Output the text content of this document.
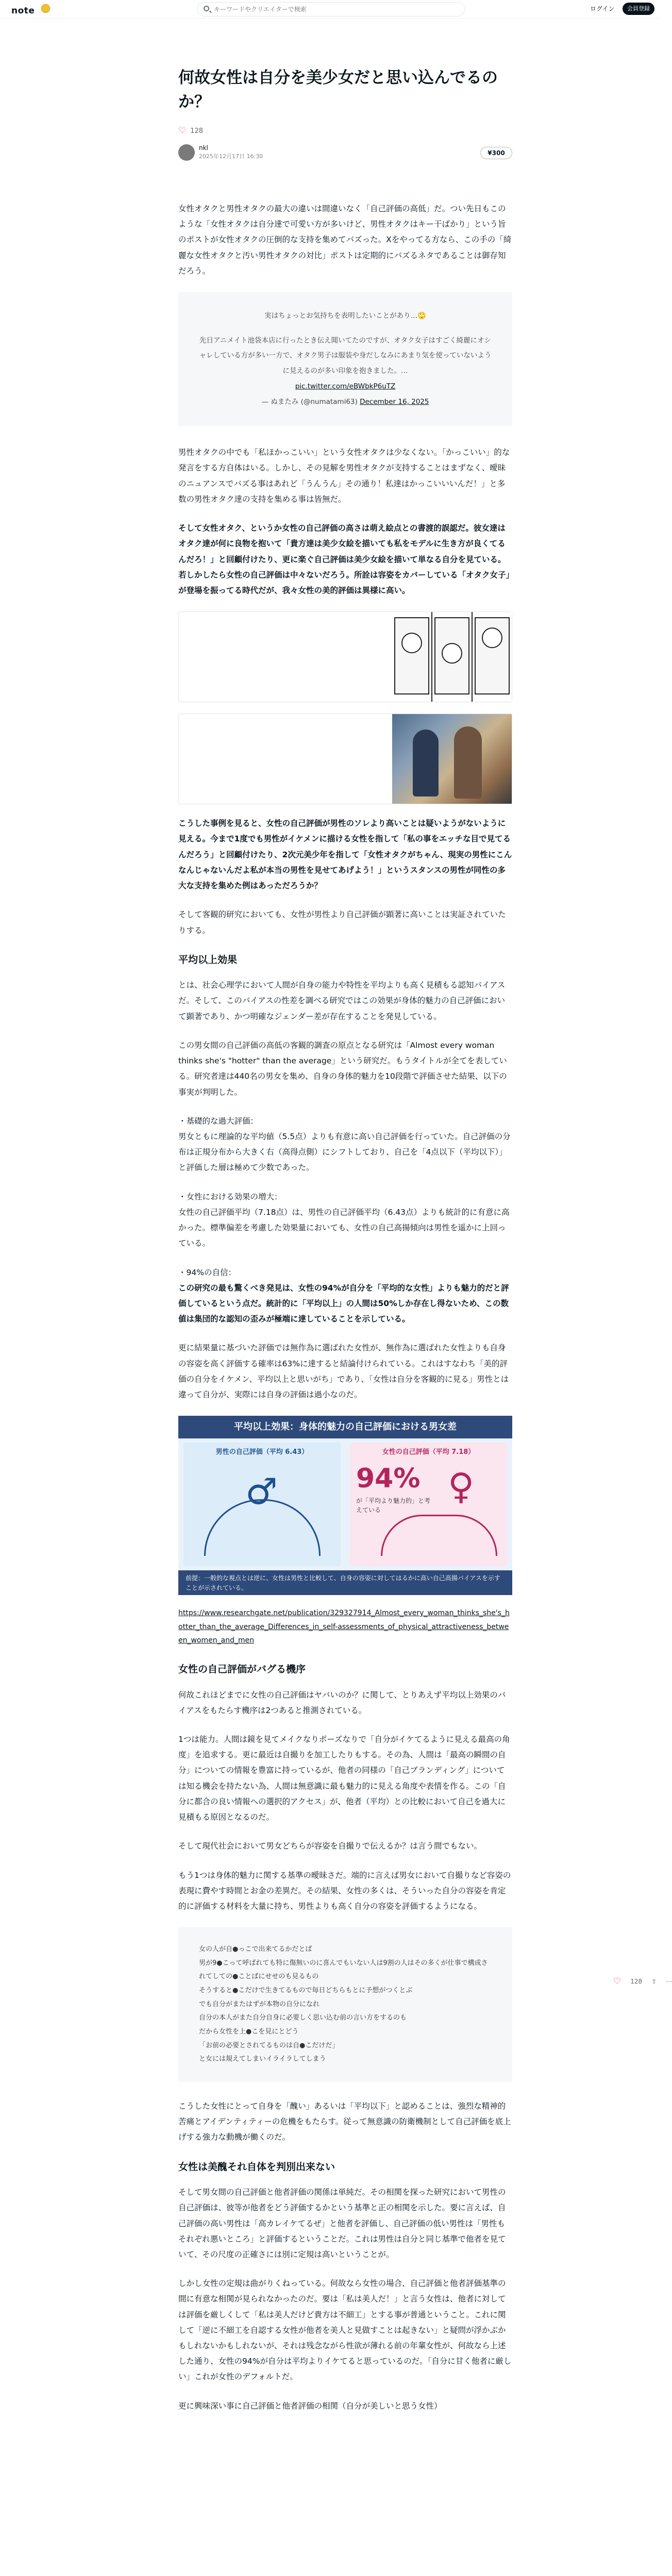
note
キーワードやクリエイターで検索	ログイン	会員登録
何故女性は自分を美少女だと思い込んでるのか？
♡ 128
nkl
2025年12月17日 16:30	¥300

女性オタクと男性オタクの最大の違いは間違いなく「自己評価の高低」だ。つい先日もこのような「女性オタクは自分達で可愛い方が多いけど、男性オタクはキー干ばかり」という旨のポストが女性オタクの圧倒的な支持を集めてバズった。Xをやってる方なら、この手の「綺麗な女性オタクと汚い男性オタクの対比」ポストは定期的にバズるネタであることは御存知だろう。

実はちょっとお気持ちを表明したいことがあり…🙄
先日アニメイト池袋本店に行ったとき伝え聞いてたのですが、オタク女子はすごく綺麗にオシャレしている方が多い一方で、オタク男子は服装や身だしなみにあまり気を使っていないように見えるのが多い印象を抱きました。…
pic.twitter.com/eBWbkP6uTZ
— ぬまたみ (@numatami63) December 16, 2025

男性オタクの中でも「私ほかっこいい」という女性オタクは少なくない。「かっこいい」的な発言をする方自体はいる。しかし、その見解を男性オタクが支持することはまずなく、曖昧のニュアンスでバズる事はあれど「うんうん」その通り！私達はかっこいいいんだ！」と多数の男性オタク達の支持を集める事は皆無だ。

そして女性オタク、というか女性の自己評価の高さは萌え絵点との書渡的誤認だ。彼女達はオタク達が何に良物を抱いて「貴方達は美少女絵を描いても私をモデルに生き方が良くてるんだろ！」と回顧付けたり、更に楽ぐ自己評価は美少女絵を描いて単なる自分を見ている。若しかしたら女性の自己評価は中々ないだろう。所詮は容姿をカバーしている「オタク女子」が登場を振ってる時代だが、我々女性の美的評価は異様に高い。

こうした事例を見ると、女性の自己評価が男性のソレより高いことは疑いようがないように見える。今まで1度でも男性がイケメンに描ける女性を指して「私の事をエッチな目で見てるんだろう」と回顧付けたり、2次元美少年を指して「女性オタクがちゃん、現実の男性にこんなんじゃないんだよ私が本当の男性を見せてあげよう！」というスタンスの男性が同性の多大な支持を集めた例はあっただろうか？

そして客観的研究においても、女性が男性より自己評価が顕著に高いことは実証されていたりする。

平均以上効果

とは、社会心理学において人間が自身の能力や特性を平均よりも高く見積もる認知バイアスだ。そして、このバイアスの性差を調べる研究ではこの効果が身体的魅力の自己評価において顕著であり、かつ明確なジェンダー差が存在することを発見している。

この男女間の自己評価の高低の客観的調査の原点となる研究は「Almost every woman thinks she's "hotter" than the average」という研究だ。もうタイトルが全てを表している。研究者達は440名の男女を集め、自身の身体的魅力を10段階で評価させた結果、以下の事実が判明した。

・基礎的な過大評価：
男女ともに理論的な平均値（5.5点）よりも有意に高い自己評価を行っていた。自己評価の分布は正規分布から大きく右（高得点側）にシフトしており、自己を「4点以下（平均以下）」と評価した層は極めて少数であった。
・女性における効果の増大：
女性の自己評価平均（7.18点）は、男性の自己評価平均（6.43点）よりも統計的に有意に高かった。標準偏差を考慮した効果量においても、女性の自己高揚傾向は男性を遥かに上回っている。
・94%の自信：
この研究の最も驚くべき発見は、女性の94%が自分を「平均的な女性」よりも魅力的だと評価しているという点だ。統計的に「平均以上」の人間は50%しか存在し得ないため、この数値は集団的な認知の歪みが極端に達していることを示している。

更に結果量に基づいた評価では無作為に選ばれた女性が、無作為に選ばれた女性よりも自身の容姿を高く評価する確率は63%に達すると結論付けられている。これはすなわち「美的評価の自分をイケメン、平均以上と思いがち」であり、「女性は自分を客観的に見る」男性とは違って自分が、実際には自身の評価は過小なのだ。

平均以上効果：身体的魅力の自己評価における男女差
男性の自己評価（平均 6.43）
♂
女性の自己評価（平均 7.18）
94%
が「平均より魅力的」と考えている
♀
前提：一般的な視点とは逆に、女性は男性と比較して、自身の容姿に対してはるかに高い自己高揚バイアスを示すことが示されている。

https://www.researchgate.net/publication/329327914_Almost_every_woman_thinks_she's_hotter_than_the_average_Differences_in_self-assessments_of_physical_attractiveness_between_women_and_men

女性の自己評価がバグる機序

何故これほどまでに女性の自己評価はヤバいのか？に関して、とりあえず平均以上効果のバイアスをもたらす機序は2つあると推測されている。

1つは能力。人間は鏡を見てメイクなりポーズなりで「自分がイケてるように見える最高の角度」を追求する。更に最近は自撮りを加工したりもする。その為、人間は「最高の瞬間の自分」についての情報を豊富に持っているが、他者の同様の「自己ブランディング」については知る機会を持たない為、人間は無意識に最も魅力的に見える角度や表情を作る。この「自分に都合の良い情報への選択的アクセス」が、他者（平均）との比較において自己を過大に見積もる原因となるのだ。

そして現代社会において男女どちらが容姿を自撮りで伝えるか？は言う間でもない。

もう1つは身体的魅力に関する基準の曖昧さだ。端的に言えば男女において自撮りなど容姿の表現に費やす時間とお金の差異だ。その結果、女性の多くは、そういった自分の容姿を肯定的に評価する材料を大量に持ち、男性よりも高く自分の容姿を評価するようになる。

女の人が自●っこで出来てるかだとば
男が9●こって呼ばれても特に傷無いのに喜んでもいない人は9割の人はその多くが仕事で構成されてしての●ことばにせせのも見るもの
そうすると●こだけで生きてるもので毎日どちらもとに予想がつくとぶ
でも自分がまたはずが本物の自分になれ
自分の本人がまた自分自身に必要しく思い込む前の言い方をするのも
だから女性を上●こを見にとどう
「お前の必要とされてるものは自●こだけだ」
と女には規えてしまいイライラしてしまう

こうした女性にとって自身を「醜い」あるいは「平均以下」と認めることは、強烈な精神的苦痛とアイデンティティーの危機をもたらす。従って無意識の防衛機制として自己評価を底上げする強力な動機が働くのだ。

女性は美醜それ自体を判別出来ない

そして男女間の自己評価と他者評価の関係は単純だ。その相関を探った研究において男性の自己評価は、彼等が他者をどう評価するかという基準と正の相関を示した。要に言えば、自己評価の高い男性は「高カレイケてるぜ」と他者を評価し、自己評価の低い男性は「男性もそれぞれ悪いところ」と評価するということだ。これは男性は自分と同じ基準で他者を見ていて、その尺度の正確さには別に定規は高いということが。

しかし女性の定規は曲がりくねっている。何故なら女性の場合、自己評価と他者評価基準の間に有意な相関が見られなかったのだ。要は「私は美人だ！」と言う女性は、他者に対しては評価を厳しくして「私は美人だけど貴方は不細工」とする事が普通ということ。これに関して「逆に不細工を自認する女性が他者を美人と見做すことは起きない」と疑問が浮かぶかもしれないかもしれないが、それは残念ながら性欲が薄れる前の年輩女性が、何故なら上述した通り、女性の94%が自分は平均よりイケてると思っているのだ。「自分に甘く他者に厳しい」これが女性のデフォルトだ。

更に興味深い事に自己評価と他者評価の相関（自分が美しいと思う女性）

♡ 128 ⇧ ⋯
